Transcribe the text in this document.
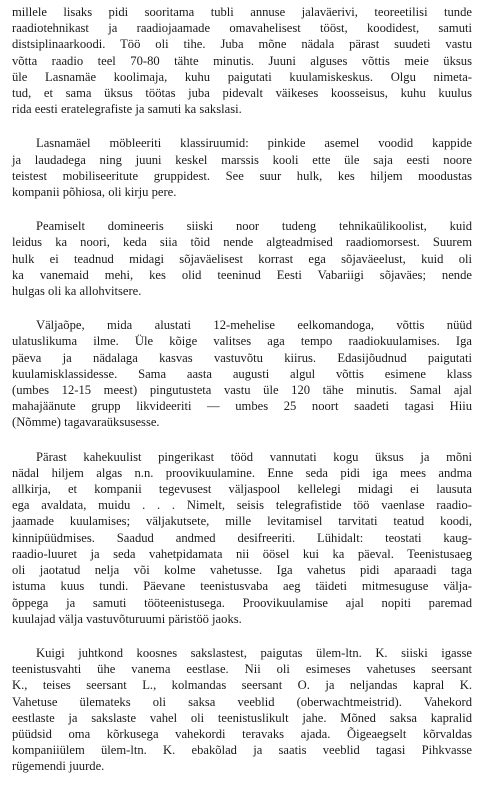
millele lisaks pidi sooritama tubli annuse jalaväerivi, teoreetilisi tunde
raadiotehnikast ja raadiojaamade omavahelisest tööst, koodidest, samuti
distsiplinaarkoodi. Töö oli tihe. Juba mõne nädala pärast suudeti vastu
võtta raadio teel 70-80 tähte minutis. Juuni alguses võttis meie üksus
üle Lasnamäe koolimaja, kuhu paigutati kuulamiskeskus. Olgu nimeta-
tud, et sama üksus töötas juba pidevalt väikeses koosseisus, kuhu kuulus
rida eesti eratelegrafiste ja samuti ka sakslasi.
Lasnamäel möbleeriti klassiruumid: pinkide asemel voodid kappide
ja laudadega ning juuni keskel marssis kooli ette üle saja eesti noore
teistest mobiliseeritute gruppidest. See suur hulk, kes hiljem moodustas
kompanii põhiosa, oli kirju pere.
Peamiselt domineeris siiski noor tudeng tehnikaülikoolist, kuid
leidus ka noori, keda siia tõid nende algteadmised raadiomorsest. Suurem
hulk ei teadnud midagi sõjaväelisest korrast ega sõjaväeelust, kuid oli
ka vanemaid mehi, kes olid teeninud Eesti Vabariigi sõjaväes; nende
hulgas oli ka allohvitsere.
Väljaõpe, mida alustati 12-mehelise eelkomandoga, võttis nüüd
ulatuslikuma ilme. Üle kõige valitses aga tempo raadiokuulamises. Iga
päeva ja nädalaga kasvas vastuvõtu kiirus. Edasijõudnud paigutati
kuulamisklassidesse. Sama aasta augusti algul võttis esimene klass
(umbes 12-15 meest) pingutusteta vastu üle 120 tähe minutis. Samal ajal
mahajäänute grupp likvideeriti — umbes 25 noort saadeti tagasi Hiiu
(Nõmme) tagavaraüksusesse.
Pärast kahekuulist pingerikast tööd vannutati kogu üksus ja mõni
nädal hiljem algas n.n. proovikuulamine. Enne seda pidi iga mees andma
allkirja, et kompanii tegevusest väljaspool kellelegi midagi ei lausuta
ega avaldata, muidu . . . Nimelt, seisis telegrafistide töö vaenlase raadio-
jaamade kuulamises; väljakutsete, mille levitamisel tarvitati teatud koodi,
kinnipüüdmises. Saadud andmed desifreeriti. Lühidalt: teostati kaug-
raadio-luuret ja seda vahetpidamata nii öösel kui ka päeval. Teenistusaeg
oli jaotatud nelja või kolme vahetusse. Iga vahetus pidi aparaadi taga
istuma kuus tundi. Päevane teenistusvaba aeg täideti mitmesuguse välja-
õppega ja samuti tööteenistusega. Proovikuulamise ajal nopiti paremad
kuulajad välja vastuvõturuumi päristöö jaoks.
Kuigi juhtkond koosnes sakslastest, paigutas ülem-ltn. K. siiski igasse
teenistusvahti ühe vanema eestlase. Nii oli esimeses vahetuses seersant
K., teises seersant L., kolmandas seersant O. ja neljandas kapral K.
Vahetuse ülemateks oli saksa veeblid (oberwachtmeistrid). Vahekord
eestlaste ja sakslaste vahel oli teenistuslikult jahe. Mõned saksa kapralid
püüdsid oma kõrkusega vahekordi teravaks ajada. Õigeaegselt kõrvaldas
kompaniiülem ülem-ltn. K. ebakõlad ja saatis veeblid tagasi Pihkvasse
rügemendi juurde.
